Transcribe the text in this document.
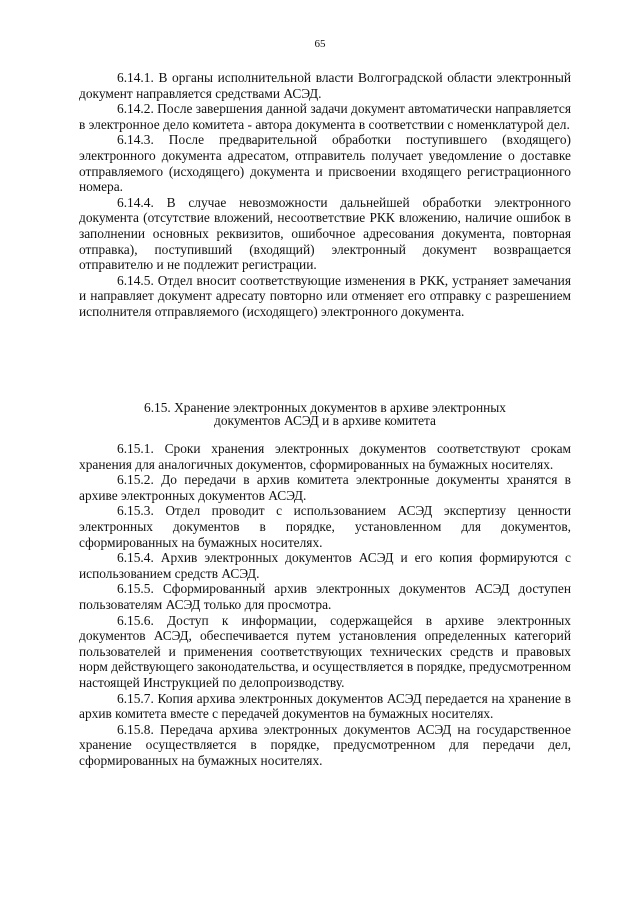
65

6.14.1. В органы исполнительной власти Волгоградской области электронный документ направляется средствами АСЭД.

6.14.2. После завершения данной задачи документ автоматически направляется в электронное дело комитета - автора документа в соответствии с номенклатурой дел.

6.14.3. После предварительной обработки поступившего (входящего) электронного документа адресатом, отправитель получает уведомление о доставке отправляемого (исходящего) документа и присвоении входящего регистрационного номера.

6.14.4. В случае невозможности дальнейшей обработки электронного документа (отсутствие вложений, несоответствие РКК вложению, наличие ошибок в заполнении основных реквизитов, ошибочное адресования документа, повторная отправка), поступивший (входящий) электронный документ возвращается отправителю и не подлежит регистрации.

6.14.5. Отдел вносит соответствующие изменения в РКК, устраняет замечания и направляет документ адресату повторно или отменяет его отправку с разрешением исполнителя отправляемого (исходящего) электронного документа.

6.15. Хранение электронных документов в архиве электронных
документов АСЭД и в архиве комитета

6.15.1. Сроки хранения электронных документов соответствуют срокам хранения для аналогичных документов, сформированных на бумажных носителях.

6.15.2. До передачи в архив комитета электронные документы хранятся в архиве электронных документов АСЭД.

6.15.3. Отдел проводит с использованием АСЭД экспертизу ценности электронных документов в порядке, установленном для документов, сформированных на бумажных носителях.

6.15.4. Архив электронных документов АСЭД и его копия формируются с использованием средств АСЭД.

6.15.5. Сформированный архив электронных документов АСЭД доступен пользователям АСЭД только для просмотра.

6.15.6. Доступ к информации, содержащейся в архиве электронных документов АСЭД, обеспечивается путем установления определенных категорий пользователей и применения соответствующих технических средств и правовых норм действующего законодательства, и осуществляется в порядке, предусмотренном настоящей Инструкцией по делопроизводству.

6.15.7. Копия архива электронных документов АСЭД передается на хранение в архив комитета вместе с передачей документов на бумажных носителях.

6.15.8. Передача архива электронных документов АСЭД на государственное хранение осуществляется в порядке, предусмотренном для передачи дел, сформированных на бумажных носителях.
